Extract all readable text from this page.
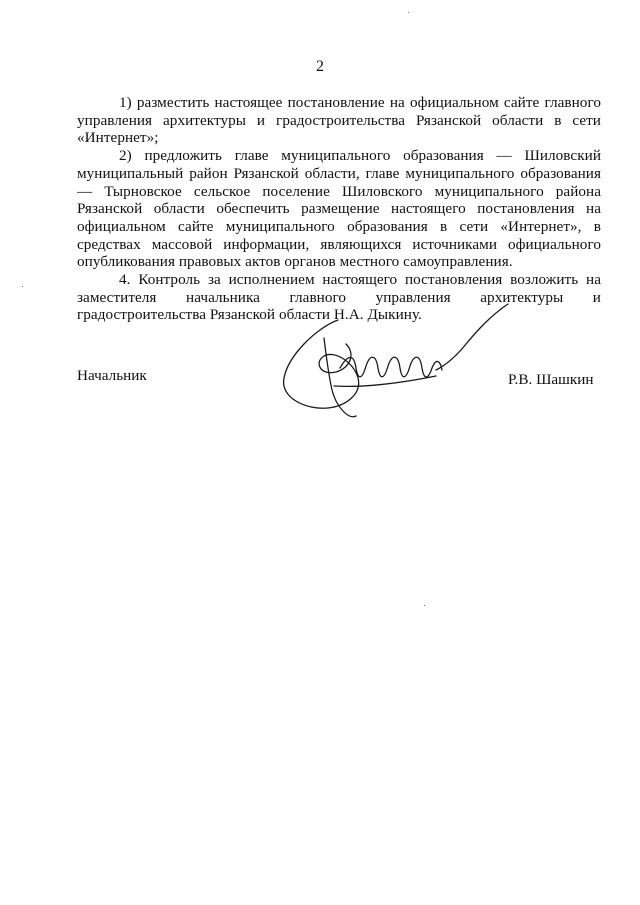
2

1) разместить настоящее постановление на официальном сайте главного управления архитектуры и градостроительства Рязанской области в сети «Интернет»;

2) предложить главе муниципального образования — Шиловский муниципальный район Рязанской области, главе муниципального образования — Тырновское сельское поселение Шиловского муниципального района Рязанской области обеспечить размещение настоящего постановления на официальном сайте муниципального образования в сети «Интернет», в средствах массовой информации, являющихся источниками официального опубликования правовых актов органов местного самоуправления.

4. Контроль за исполнением настоящего постановления возложить на заместителя начальника главного управления архитектуры и градостроительства Рязанской области Н.А. Дыкину.

Начальник	Р.В. Шашкин
